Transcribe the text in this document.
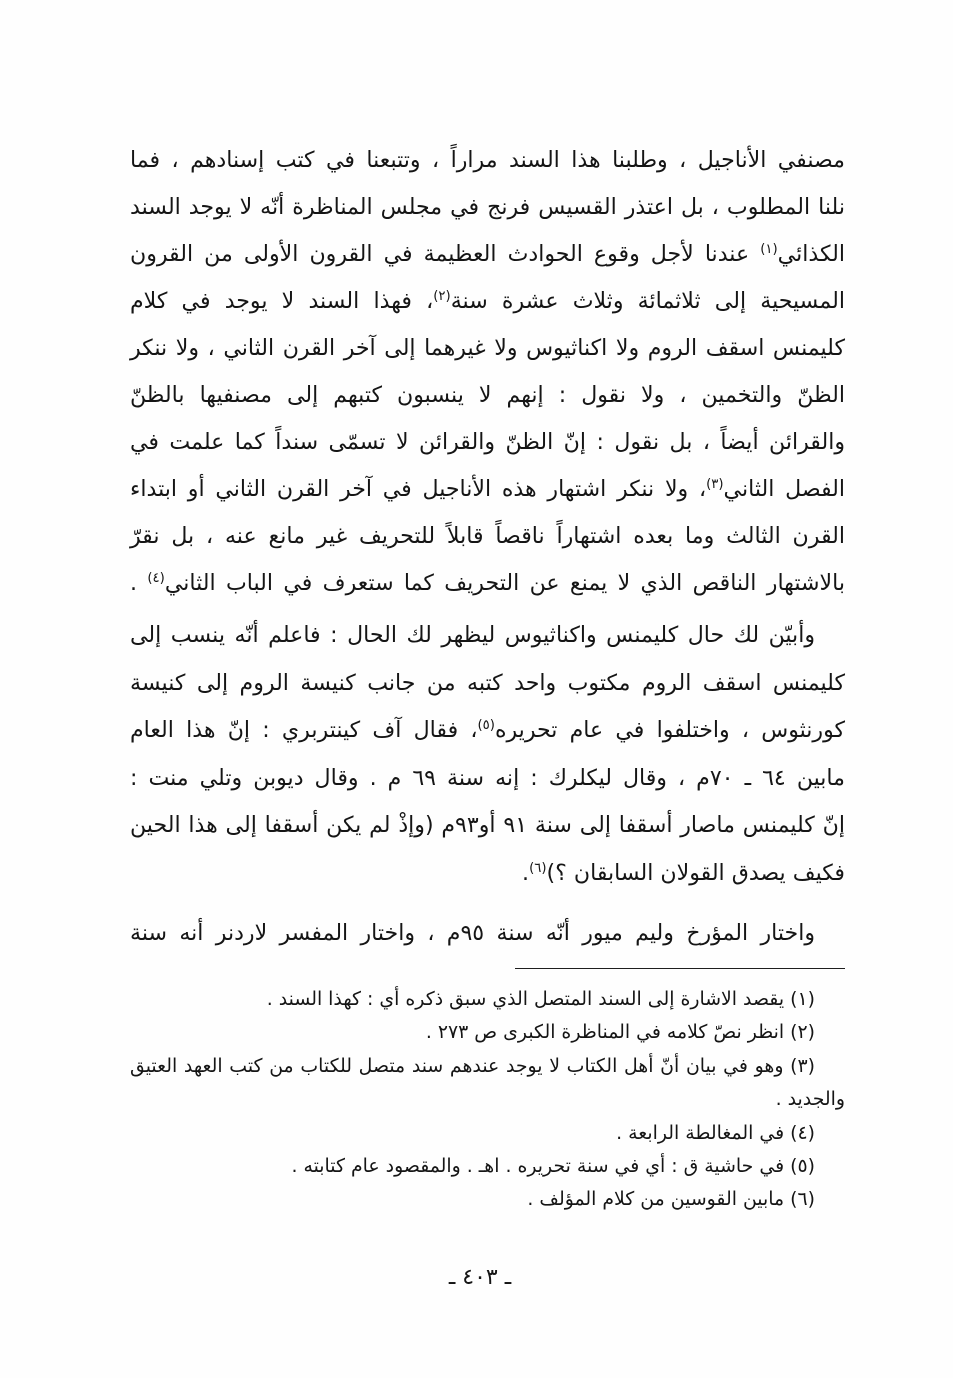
مصنفي الأناجيل ، وطلبنا هذا السند مراراً ، وتتبعنا في كتب إسنادهم ، فما
نلنا المطلوب ، بل اعتذر القسيس فرنج في مجلس المناظرة أنّه لا يوجد السند
الكذائي$^{(١)}$ عندنا لأجل وقوع الحوادث العظيمة في القرون الأولى من القرون
المسيحية إلى ثلاثمائة وثلاث عشرة سنة$^{(٢)}$، فهذا السند لا يوجد في كلام
كليمنس اسقف الروم ولا اكناثيوس ولا غيرهما إلى آخر القرن الثاني ، ولا ننكر
الظنّ والتخمين ، ولا نقول : إنهم لا ينسبون كتبهم إلى مصنفيها بالظنّ
والقرائن أيضاً ، بل نقول : إنّ الظنّ والقرائن لا تسمّى سنداً كما علمت في
الفصل الثاني$^{(٣)}$، ولا ننكر اشتهار هذه الأناجيل في آخر القرن الثاني أو ابتداء
القرن الثالث وما بعده اشتهاراً ناقصاً قابلاً للتحريف غير مانع عنه ، بل نقرّ
بالاشتهار الناقص الذي لا يمنع عن التحريف كما ستعرف في الباب الثاني$^{(٤)}$ .
وأبيّن لك حال كليمنس واكناثيوس ليظهر لك الحال : فاعلم أنّه ينسب إلى
كليمنس اسقف الروم مكتوب واحد كتبه من جانب كنيسة الروم إلى كنيسة
كورنثوس ، واختلفوا في عام تحريره$^{(٥)}$، فقال آف كينتربري : إنّ هذا العام
مابين ٦٤ ـ ٧٠م ، وقال ليكلرك : إنه سنة ٦٩ م . وقال ديوبن وتلي منت :
إنّ كليمنس ماصار أسقفا إلى سنة ٩١ أو٩٣م (وإذْ لم يكن أسقفا إلى هذا الحين
فكيف يصدق القولان السابقان ؟)$^{(٦)}$.
واختار المؤرخ وليم ميور أنّه سنة ٩٥م ، واختار المفسر لاردنر أنه سنة
(١) يقصد الاشارة إلى السند المتصل الذي سبق ذكره أي : كهذا السند .
(٢) انظر نصّ كلامه في المناظرة الكبرى ص ٢٧٣ .
(٣) وهو في بيان أنّ أهل الكتاب لا يوجد عندهم سند متصل للكتاب من كتب العهد العتيق
والجديد .
(٤) في المغالطة الرابعة .
(٥) في حاشية ق : أي في سنة تحريره . اهـ . والمقصود عام كتابته .
(٦) مابين القوسين من كلام المؤلف .
ـ ٤٠٣ ـ
